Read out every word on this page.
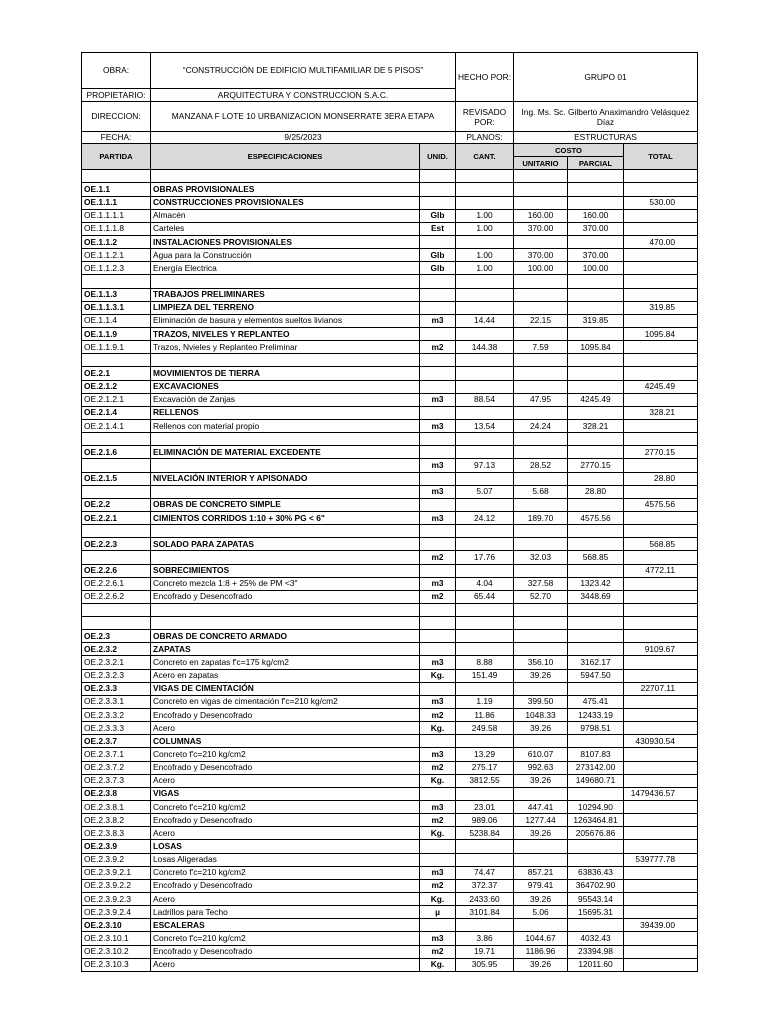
OBRA:	“CONSTRUCCIÓN DE EDIFICIO MULTIFAMILIAR DE 5 PISOS”	HECHO POR:	GRUPO 01
PROPIETARIO:	ARQUITECTURA Y CONSTRUCCION S.A.C.		
DIRECCION:	MANZANA F LOTE 10 URBANIZACION MONSERRATE 3ERA ETAPA	REVISADO POR:	Ing. Ms. Sc. Gilberto Anaximandro Velásquez Díaz
FECHA:	9/25/2023	PLANOS:	ESTRUCTURAS
PARTIDA	ESPECIFICACIONES	UNID.	CANT.	COSTO		TOTAL
				UNITARIO	PARCIAL	

OE.1.1	OBRAS PROVISIONALES					
OE.1.1.1	CONSTRUCCIONES PROVISIONALES					530.00
OE.1.1.1.1	Almacén	Glb	1.00	160.00	160.00	
OE.1.1.1.8	Carteles	Est	1.00	370.00	370.00	
OE.1.1.2	INSTALACIONES PROVISIONALES					470.00
OE.1.1.2.1	Agua para la Construcción	Glb	1.00	370.00	370.00	
OE.1.1.2.3	Energía Electrica	Glb	1.00	100.00	100.00	

OE.1.1.3	TRABAJOS PRELIMINARES					
OE.1.1.3.1	LIMPIEZA DEL TERRENO					319.85
OE.1.1.4	Eliminación de basura y elementos sueltos livianos	m3	14.44	22.15	319.85	
OE.1.1.9	TRAZOS, NIVELES Y REPLANTEO					1095.84
OE.1.1.9.1	Trazos, Nvieles y Replanteo Preliminar	m2	144.38	7.59	1095.84	

OE.2.1	MOVIMIENTOS DE TIERRA					
OE.2.1.2	EXCAVACIONES					4245.49
OE.2.1.2.1	Excavación de Zanjas	m3	88.54	47.95	4245.49	
OE.2.1.4	RELLENOS					328.21
OE.2.1.4.1	Rellenos con material propio	m3	13.54	24.24	328.21	

OE.2.1.6	ELIMINACIÓN DE MATERIAL EXCEDENTE					2770.15
		m3	97.13	28.52	2770.15	
OE.2.1.5	NIVELACIÓN INTERIOR Y APISONADO					28.80
		m3	5.07	5.68	28.80	
OE.2.2	OBRAS DE CONCRETO SIMPLE					4575.56
OE.2.2.1	CIMIENTOS CORRIDOS 1:10 + 30% PG < 6"	m3	24.12	189.70	4575.56	

OE.2.2.3	SOLADO PARA ZAPATAS					568.85
		m2	17.76	32.03	568.85	
OE.2.2.6	SOBRECIMIENTOS					4772.11
OE.2.2.6.1	Concreto mezcla 1:8 + 25% de PM <3"	m3	4.04	327.58	1323.42	
OE.2.2.6.2	Encofrado y Desencofrado	m2	65.44	52.70	3448.69	

OE.2.3	OBRAS DE CONCRETO ARMADO					
OE.2.3.2	ZAPATAS					9109.67
OE.2.3.2.1	Concreto en zapatas f'c=175 kg/cm2	m3	8.88	356.10	3162.17	
OE.2.3.2.3	Acero en zapatas	Kg.	151.49	39.26	5947.50	
OE.2.3.3	VIGAS DE CIMENTACIÓN					22707.11
OE.2.3.3.1	Concreto en vigas de cimentación f'c=210 kg/cm2	m3	1.19	399.50	475.41	
OE.2.3.3.2	Encofrado y Desencofrado	m2	11.86	1048.33	12433.19	
OE.2.3.3.3	Acero	Kg.	249.58	39.26	9798.51	
OE.2.3.7	COLUMNAS					430930.54
OE.2.3.7.1	Concreto f'c=210 kg/cm2	m3	13.29	610.07	8107.83	
OE.2.3.7.2	Encofrado y Desencofrado	m2	275.17	992.63	273142.00	
OE.2.3.7.3	Acero	Kg.	3812.55	39.26	149680.71	
OE.2.3.8	VIGAS					1479436.57
OE.2.3.8.1	Concreto f'c=210 kg/cm2	m3	23.01	447.41	10294.90	
OE.2.3.8.2	Encofrado y Desencofrado	m2	989.06	1277.44	1263464.81	
OE.2.3.8.3	Acero	Kg.	5238.84	39.26	205676.86	
OE.2.3.9	LOSAS					
OE.2.3.9.2	Losas Aligeradas					539777.78
OE.2.3.9.2.1	Concreto f'c=210 kg/cm2	m3	74.47	857.21	63836.43	
OE.2.3.9.2.2	Encofrado y Desencofrado	m2	372.37	979.41	364702.90	
OE.2.3.9.2.3	Acero	Kg.	2433.60	39.26	95543.14	
OE.2.3.9.2.4	Ladrillos para Techo	µ	3101.84	5.06	15695.31	
OE.2.3.10	ESCALERAS					39439.00
OE.2.3.10.1	Concreto f'c=210 kg/cm2	m3	3.86	1044.67	4032.43	
OE.2.3.10.2	Encofrado y Desencofrado	m2	19.71	1186.96	23394.98	
OE.2.3.10.3	Acero	Kg.	305.95	39.26	12011.60	
